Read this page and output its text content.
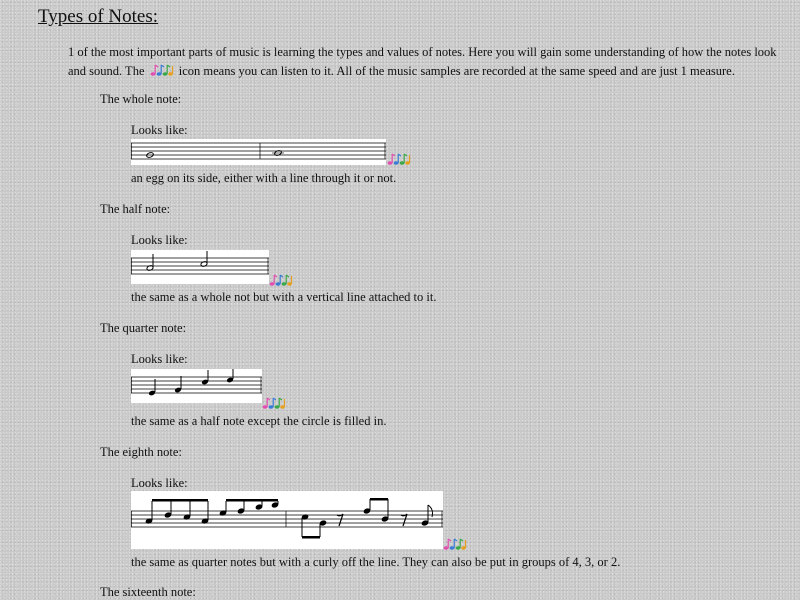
Types of Notes:
1 of the most important parts of music is learning the types and values of notes. Here you will gain some understanding of how the notes look and sound. The  icon means you can listen to it. All of the music samples are recorded at the same speed and are just 1 measure.
The whole note:
Looks like:
an egg on its side, either with a line through it or not.
The half note:
Looks like:
the same as a whole not but with a vertical line attached to it.
The quarter note:
Looks like:
the same as a half note except the circle is filled in.
The eighth note:
Looks like:
the same as quarter notes but with a curly off the line. They can also be put in groups of 4, 3, or 2.
The sixteenth note:
